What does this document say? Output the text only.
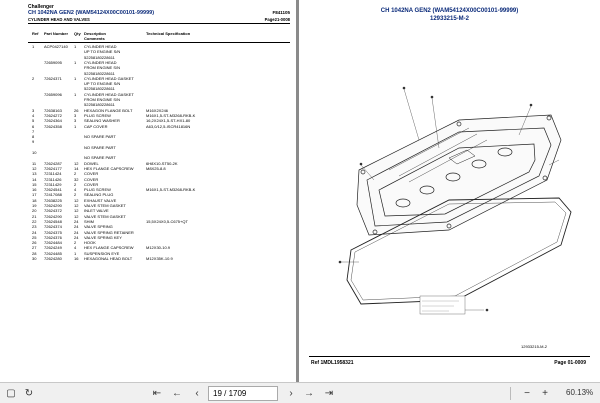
Challenger
CH 1042NA GEN2 (WAM54124X00C00101-99999)	F841105
CYLINDER HEAD AND VALVES	Page21-0008
Ref Part Number Qty Description
Comments
Technical Specification
1 ACP0427140 1 CYLINDER HEAD
UP TO ENGINE S/N
52258180228611
72659095	1 CYLINDER HEAD
FROM ENGINE S/N
52258180228611
2 72624371	1 CYLINDER HEAD GASKET
UP TO ENGINE S/N
52258180228611
72659096	1 CYLINDER HEAD GASKET
FROM ENGINE S/N
52258180228611
3 72638163	26 HEXAGON FLANGE BOLT	M16X2X246
4 72624272	3 PLUG SCREW	M16X1,5-ST-M3268-RKB-K
5 72624364	3 SEALING WASHER	16,2X24X1,5-ST-HX1-80
6 72624358	1 CAP COVER	A63,0/12,5-ISCR41816N
7
8	NO SPARE PART
9
NO SPARE PART
10
NO SPARE PART
11 72624287	12 DOWEL	6H8X10-ST50-2K
12 72624177	14 HEX FLANGE CAPSCREW	M8X25-8.8
13 72311424	2 COVER
14 72311426	32 COVER
15 72311429	2 COVER
16 72624541	4 PLUG SCREW	M16X1,5-ST-M3268-RKB-K
17 72417088	2 SEALING PLUG
18 72638225	12 EXHAUST VALVE
19 72624290	12 VALVE STEM GASKET
20 72624372	12 INLET VALVE
21 72624290	12 VALVE STEM GASKET
22 72624548	24 SHIM	15,5X24X0,5-C675+QT
23 72624374	24 VALVE SPRING
24 72624375	24 VALVE SPRING RETAINER
25 72624376	24 VALVE SPRING KEY
26 72624484	2 HOOK
27 72624249	4 HEX FLANGE CAPSCREW	M12X30-10.9
28 72624485	1 SUSPENSION EYE
30 72624280	16 HEXAGONAL HEAD BOLT	M12X35K-10.9
CH 1042NA GEN2 (WAM54124X00C00101-99999)
12933215-M-2
12933215-M-2
Ref 1MDL1958321	Page 01-0009
▢ ↻	⇤ ←	‹
19 / 1709	›	→ ⇥	−	+	60.13%
